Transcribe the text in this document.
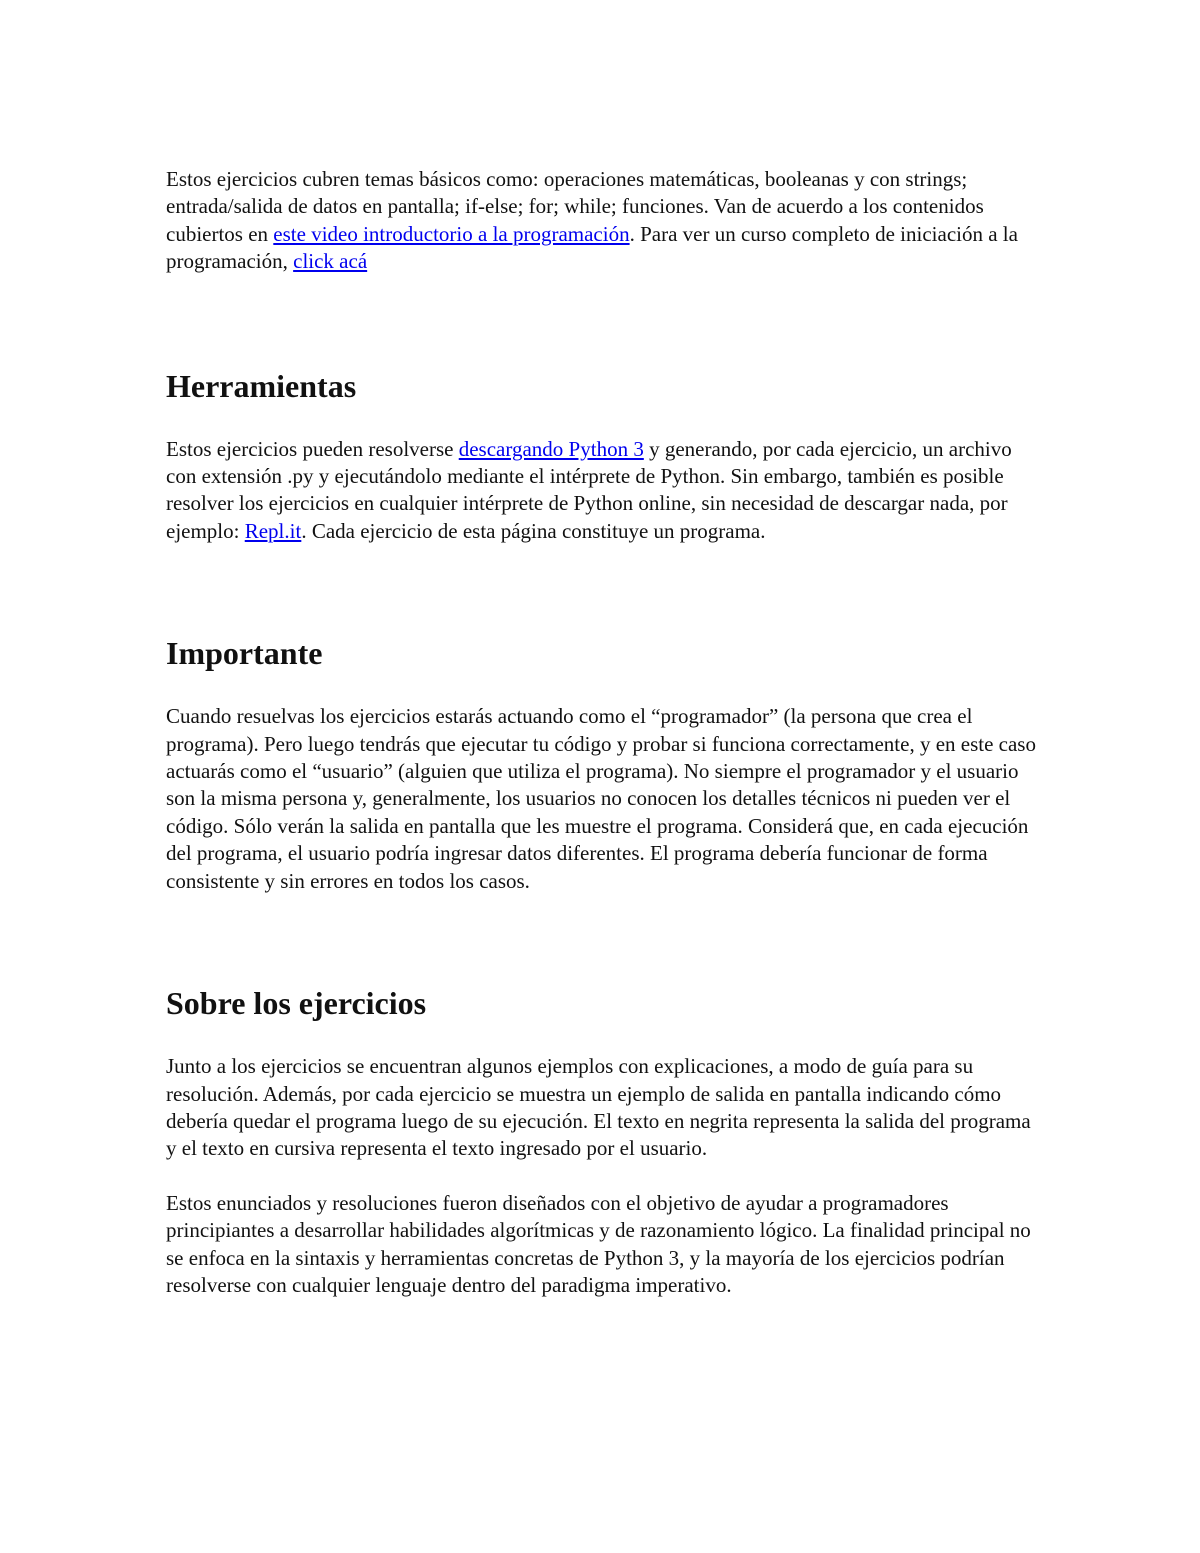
Estos ejercicios cubren temas básicos como: operaciones matemáticas, booleanas y con strings; entrada/salida de datos en pantalla; if-else; for; while; funciones. Van de acuerdo a los contenidos cubiertos en este video introductorio a la programación. Para ver un curso completo de iniciación a la programación, click acá

Herramientas

Estos ejercicios pueden resolverse descargando Python 3 y generando, por cada ejercicio, un archivo con extensión .py y ejecutándolo mediante el intérprete de Python. Sin embargo, también es posible resolver los ejercicios en cualquier intérprete de Python online, sin necesidad de descargar nada, por ejemplo: Repl.it. Cada ejercicio de esta página constituye un programa.

Importante

Cuando resuelvas los ejercicios estarás actuando como el “programador” (la persona que crea el programa). Pero luego tendrás que ejecutar tu código y probar si funciona correctamente, y en este caso actuarás como el “usuario” (alguien que utiliza el programa). No siempre el programador y el usuario son la misma persona y, generalmente, los usuarios no conocen los detalles técnicos ni pueden ver el código. Sólo verán la salida en pantalla que les muestre el programa. Considerá que, en cada ejecución del programa, el usuario podría ingresar datos diferentes. El programa debería funcionar de forma consistente y sin errores en todos los casos.

Sobre los ejercicios

Junto a los ejercicios se encuentran algunos ejemplos con explicaciones, a modo de guía para su resolución. Además, por cada ejercicio se muestra un ejemplo de salida en pantalla indicando cómo debería quedar el programa luego de su ejecución. El texto en negrita representa la salida del programa y el texto en cursiva representa el texto ingresado por el usuario.

Estos enunciados y resoluciones fueron diseñados con el objetivo de ayudar a programadores principiantes a desarrollar habilidades algorítmicas y de razonamiento lógico. La finalidad principal no se enfoca en la sintaxis y herramientas concretas de Python 3, y la mayoría de los ejercicios podrían resolverse con cualquier lenguaje dentro del paradigma imperativo.
